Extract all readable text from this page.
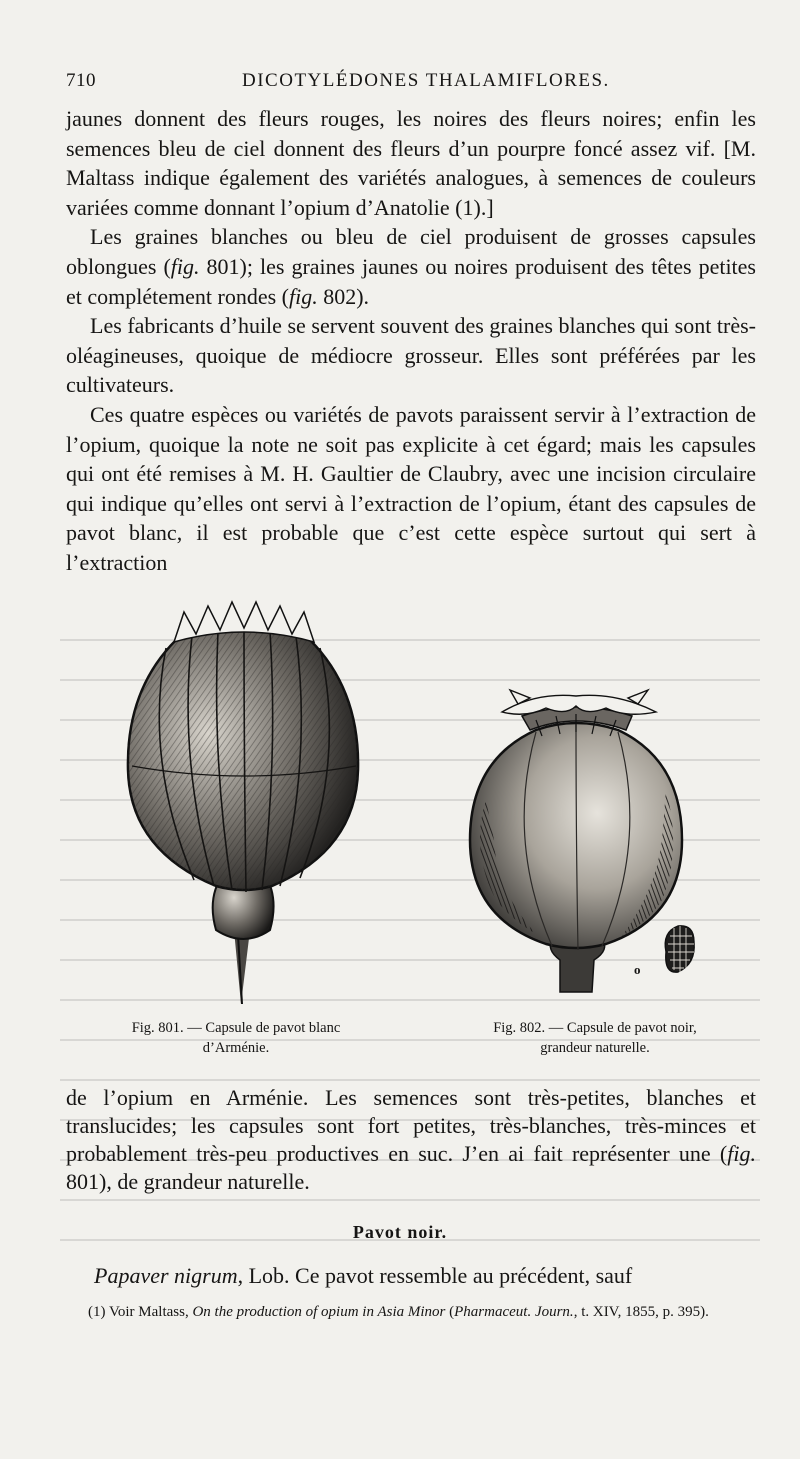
710	DICOTYLÉDONES THALAMIFLORES.

jaunes donnent des fleurs rouges, les noires des fleurs noires; enfin les semences bleu de ciel donnent des fleurs d’un pourpre foncé assez vif. [M. Maltass indique également des variétés analogues, à semences de couleurs variées comme donnant l’opium d’Anatolie (1).]

Les graines blanches ou bleu de ciel produisent de grosses capsules oblongues (fig. 801); les graines jaunes ou noires produisent des têtes petites et complétement rondes (fig. 802).

Les fabricants d’huile se servent souvent des graines blanches qui sont très-oléagineuses, quoique de médiocre grosseur. Elles sont préférées par les cultivateurs.

Ces quatre espèces ou variétés de pavots paraissent servir à l’extraction de l’opium, quoique la note ne soit pas explicite à cet égard; mais les capsules qui ont été remises à M. H. Gaultier de Claubry, avec une incision circulaire qui indique qu’elles ont servi à l’extraction de l’opium, étant des capsules de pavot blanc, il est probable que c’est cette espèce surtout qui sert à l’extraction

o
Fig. 801. — Capsule de pavot blanc
d’Arménie.
Fig. 802. — Capsule de pavot noir,
grandeur naturelle.

de l’opium en Arménie. Les semences sont très-petites, blanches et translucides; les capsules sont fort petites, très-blanches, très-minces et probablement très-peu productives en suc. J’en ai fait représenter une (fig. 801), de grandeur naturelle.

Pavot noir.
Papaver nigrum, Lob. Ce pavot ressemble au précédent, sauf
(1) Voir Maltass, On the production of opium in Asia Minor (Pharmaceut. Journ., t. XIV, 1855, p. 395).
